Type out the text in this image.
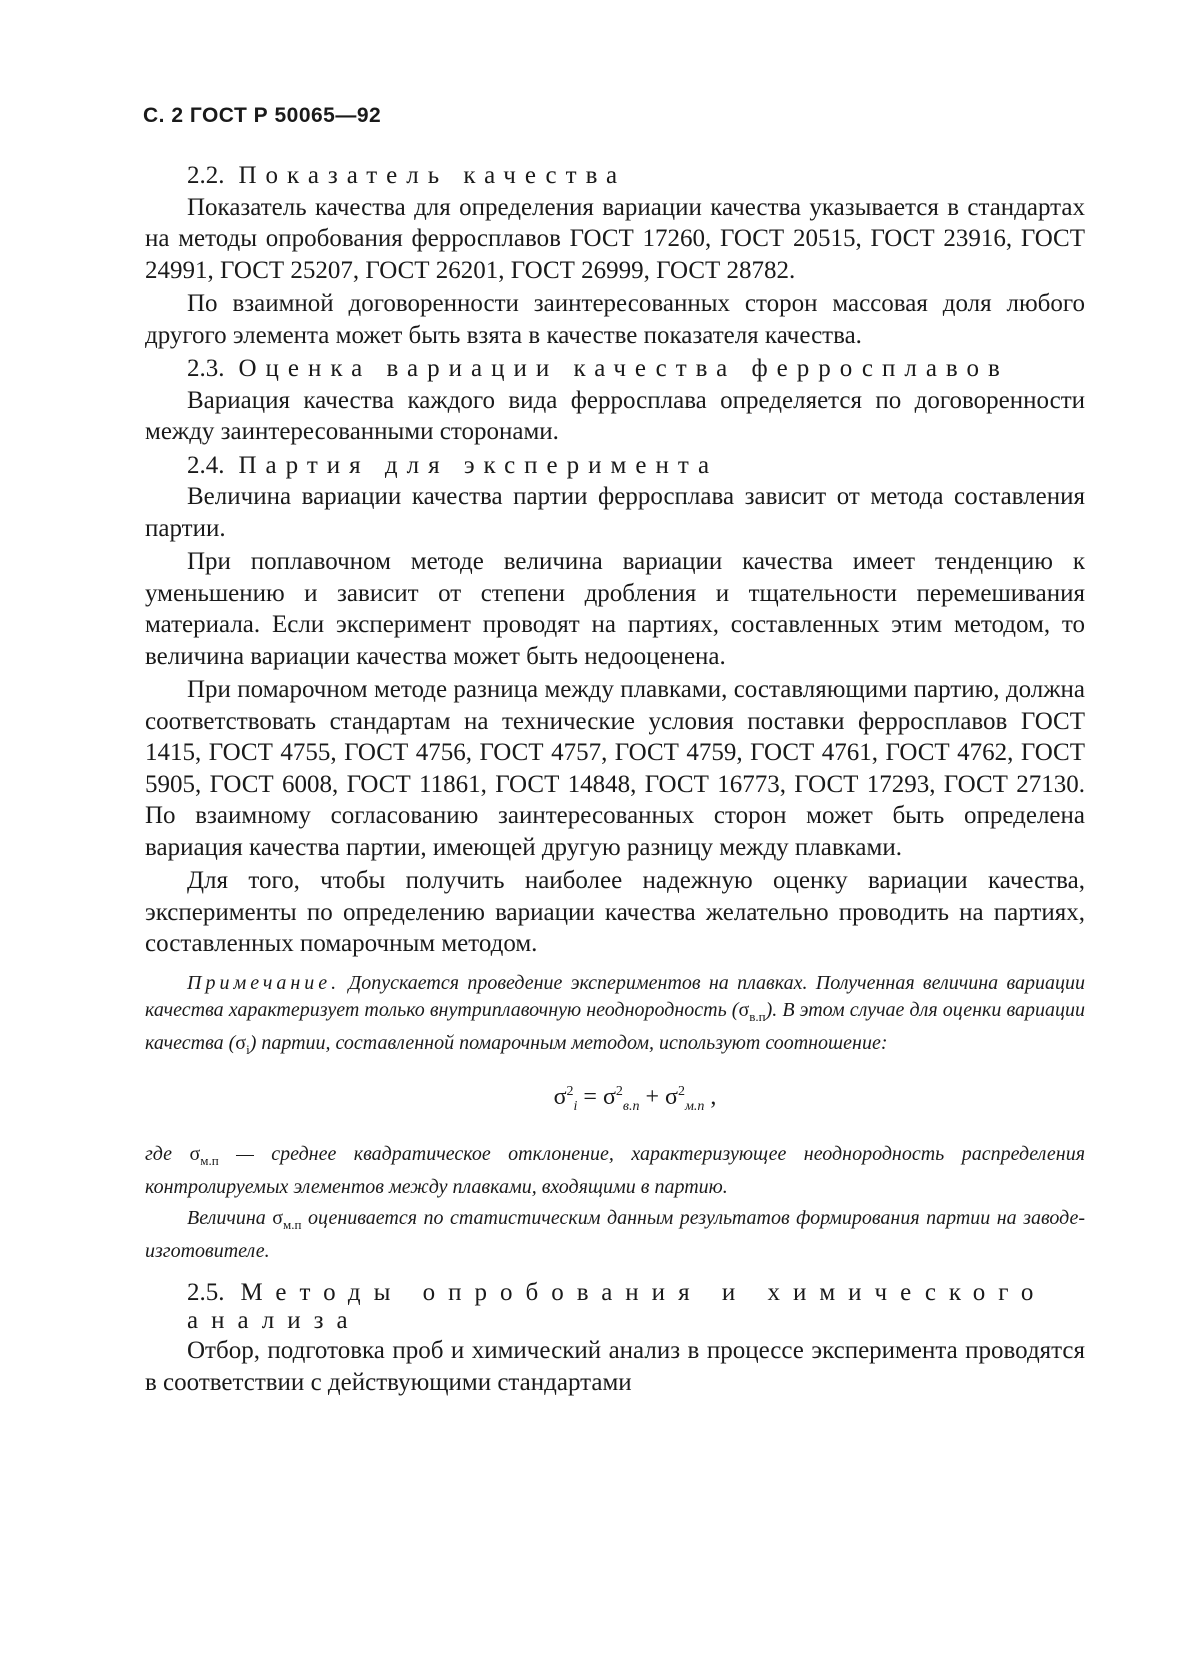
С. 2 ГОСТ Р 50065—92
2.2. Показатель качества

Показатель качества для определения вариации качества указывается в стандартах на методы опробования ферросплавов ГОСТ 17260, ГОСТ 20515, ГОСТ 23916, ГОСТ 24991, ГОСТ 25207, ГОСТ 26201, ГОСТ 26999, ГОСТ 28782.

По взаимной договоренности заинтересованных сторон массовая доля любого другого элемента может быть взята в качестве показателя качества.

2.3. Оценка вариации качества ферросплавов

Вариация качества каждого вида ферросплава определяется по договоренности между заинтересованными сторонами.

2.4. Партия для эксперимента

Величина вариации качества партии ферросплава зависит от метода составления партии.

При поплавочном методе величина вариации качества имеет тенденцию к уменьшению и зависит от степени дробления и тщательности перемешивания материала. Если эксперимент проводят на партиях, составленных этим методом, то величина вариации качества может быть недооценена.

При помарочном методе разница между плавками, составляющими партию, должна соответствовать стандартам на технические условия поставки ферросплавов ГОСТ 1415, ГОСТ 4755, ГОСТ 4756, ГОСТ 4757, ГОСТ 4759, ГОСТ 4761, ГОСТ 4762, ГОСТ 5905, ГОСТ 6008, ГОСТ 11861, ГОСТ 14848, ГОСТ 16773, ГОСТ 17293, ГОСТ 27130. По взаимному согласованию заинтересованных сторон может быть определена вариация качества партии, имеющей другую разницу между плавками.

Для того, чтобы получить наиболее надежную оценку вариации качества, эксперименты по определению вариации качества желательно проводить на партиях, составленных помарочным методом.

Примечание. Допускается проведение экспериментов на плавках. Полученная величина вариации качества характеризует только внутриплавочную неоднородность $(\sigma_{в.п})$. В этом случае для оценки вариации качества $(\sigma_i)$ партии, составленной помарочным методом, используют соотношение:

$\sigma^2_i = \sigma^2_{в.п} + \sigma^2_{м.п}$ ,

где $\sigma_{м.п}$ — среднее квадратическое отклонение, характеризующее неоднородность распределения контролируемых элементов между плавками, входящими в партию.

Величина $\sigma_{м.п}$ оценивается по статистическим данным результатов формирования партии на заводе-изготовителе.

2.5. Методы опробования и химического анализа

Отбор, подготовка проб и химический анализ в процессе эксперимента проводятся в соответствии с действующими стандартами
